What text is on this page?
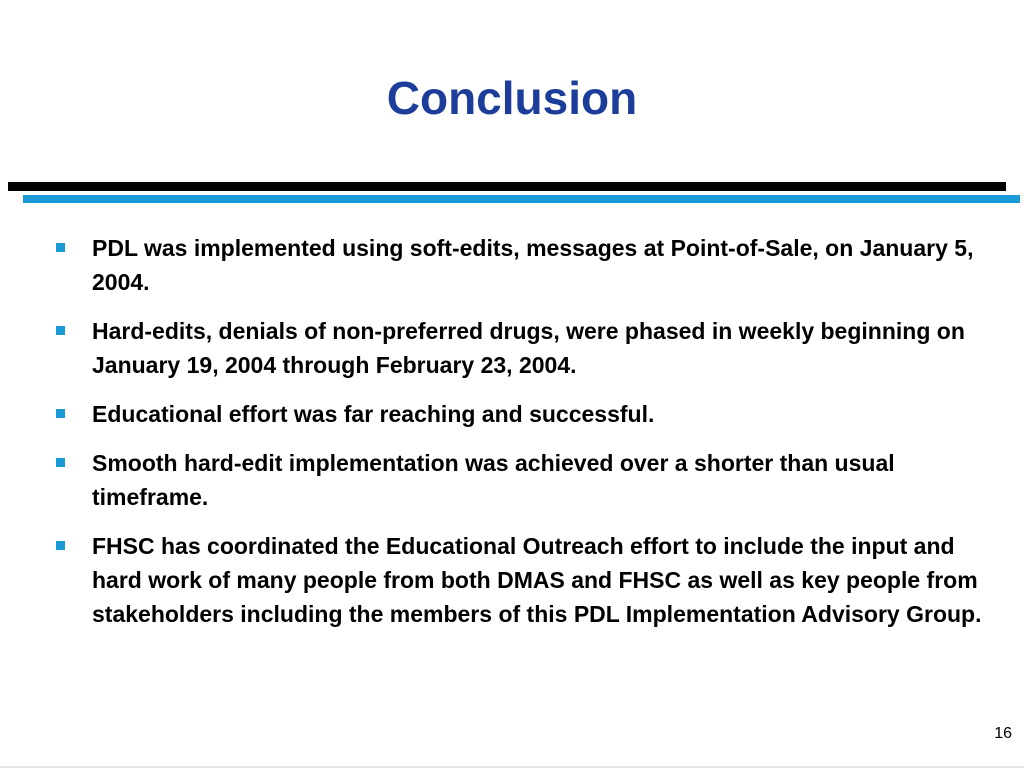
Conclusion
PDL was implemented using soft-edits, messages at Point-of-Sale, on January 5, 2004.
Hard-edits, denials of non-preferred drugs, were phased in weekly beginning on January 19, 2004 through February 23, 2004.
Educational effort was far reaching and successful.
Smooth hard-edit implementation was achieved over a shorter than usual timeframe.
FHSC has coordinated the Educational Outreach effort to include the input and hard work of many people from both DMAS and FHSC as well as key people from stakeholders including the members of this PDL Implementation Advisory Group.
16
